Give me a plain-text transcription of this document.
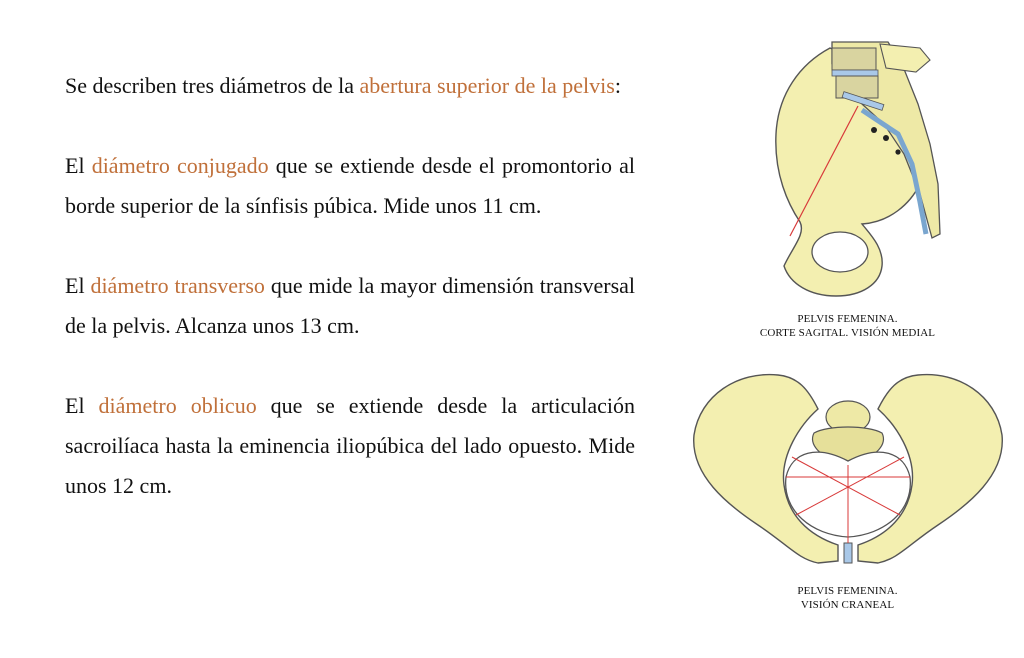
Se describen tres diámetros de la abertura superior de la pelvis:

El diámetro conjugado que se extiende desde el promontorio al borde superior de la sínfisis púbica. Mide unos 11 cm.

El diámetro transverso que mide la mayor dimensión transversal de la pelvis. Alcanza unos 13 cm.

El diámetro oblicuo que se extiende desde la articulación sacroilíaca hasta la eminencia iliopúbica del lado opuesto. Mide unos 12 cm.

PELVIS FEMENINA.
CORTE SAGITAL. VISIÓN MEDIAL
PELVIS FEMENINA.
VISIÓN CRANEAL
